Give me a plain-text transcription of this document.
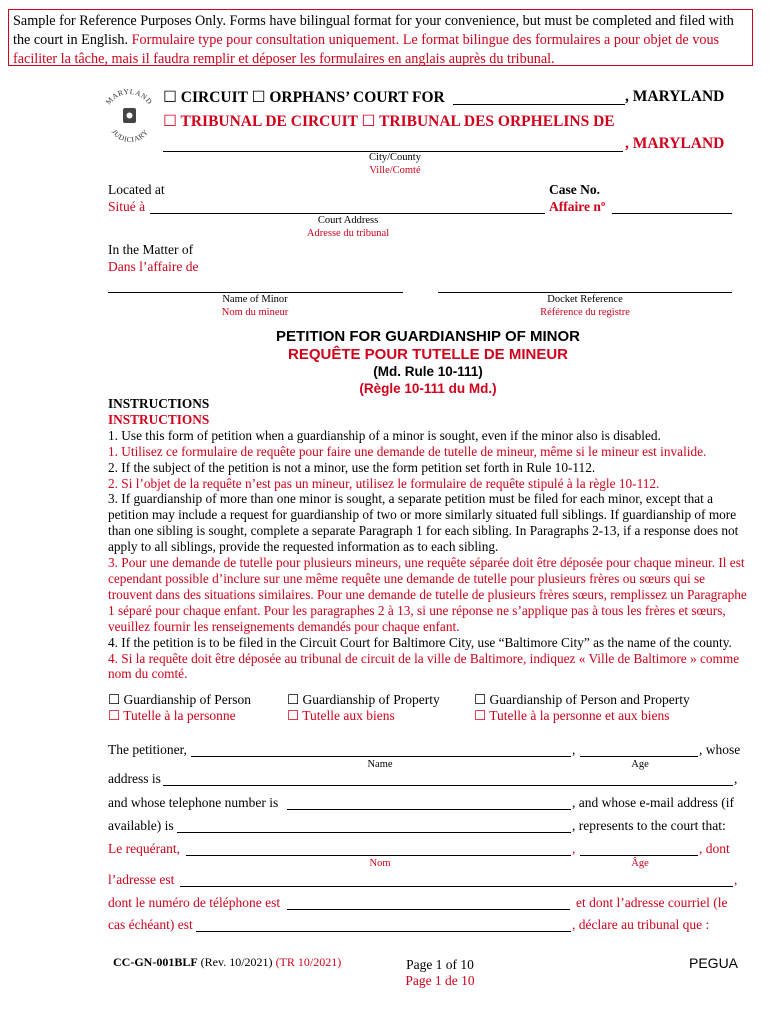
Sample for Reference Purposes Only. Forms have bilingual format for your convenience, but must be completed and filed with the court in English. Formulaire type pour consultation uniquement. Le format bilingue des formulaires a pour objet de vous faciliter la tâche, mais il faudra remplir et déposer les formulaires en anglais auprès du tribunal.
MARYLAND
JUDICIARY
☐ CIRCUIT ☐ ORPHANS’ COURT FOR	, MARYLAND
☐ TRIBUNAL DE CIRCUIT ☐ TRIBUNAL DES ORPHELINS DE
, MARYLAND
City/County
Ville/Comté
Located at
Situé à
Case No.
Affaire nº
Court Address
Adresse du tribunal
In the Matter of
Dans l’affaire de
Name of Minor
Nom du mineur
Docket Reference
Référence du registre
PETITION FOR GUARDIANSHIP OF MINOR
REQUÊTE POUR TUTELLE DE MINEUR
(Md. Rule 10-111)
(Règle 10-111 du Md.)

INSTRUCTIONS

INSTRUCTIONS

1. Use this form of petition when a guardianship of a minor is sought, even if the minor also is disabled.

1. Utilisez ce formulaire de requête pour faire une demande de tutelle de mineur, même si le mineur est invalide.

2. If the subject of the petition is not a minor, use the form petition set forth in Rule 10-112.

2. Si l’objet de la requête n’est pas un mineur, utilisez le formulaire de requête stipulé à la règle 10-112.

3. If guardianship of more than one minor is sought, a separate petition must be filed for each minor, except that a petition may include a request for guardianship of two or more similarly situated full siblings. If guardianship of more than one sibling is sought, complete a separate Paragraph 1 for each sibling. In Paragraphs 2-13, if a response does not apply to all siblings, provide the requested information as to each sibling.

3. Pour une demande de tutelle pour plusieurs mineurs, une requête séparée doit être déposée pour chaque mineur. Il est cependant possible d’inclure sur une même requête une demande de tutelle pour plusieurs frères ou sœurs qui se trouvent dans des situations similaires. Pour une demande de tutelle de plusieurs frères sœurs, remplissez un Paragraphe 1 séparé pour chaque enfant. Pour les paragraphes 2 à 13, si une réponse ne s’applique pas à tous les frères et sœurs, veuillez fournir les renseignements demandés pour chaque enfant.

4. If the petition is to be filed in the Circuit Court for Baltimore City, use “Baltimore City” as the name of the county.

4. Si la requête doit être déposée au tribunal de circuit de la ville de Baltimore, indiquez « Ville de Baltimore » comme nom du comté.

☐ Guardianship of Person
☐ Tutelle à la personne
☐ Guardianship of Property
☐ Tutelle aux biens
☐ Guardianship of Person and Property
☐ Tutelle à la personne et aux biens
The petitioner,	,	, whose
Name	Age
address is	,
and whose telephone number is	, and whose e-mail address (if
available) is	, represents to the court that:
Le requérant,	,	, dont
Nom	Âge
l’adresse est	,
dont le numéro de téléphone est	et dont l’adresse courriel (le
cas échéant) est	, déclare au tribunal que :
CC-GN-001BLF (Rev. 10/2021) (TR 10/2021)	Page 1 of 10
Page 1 de 10
PEGUA
